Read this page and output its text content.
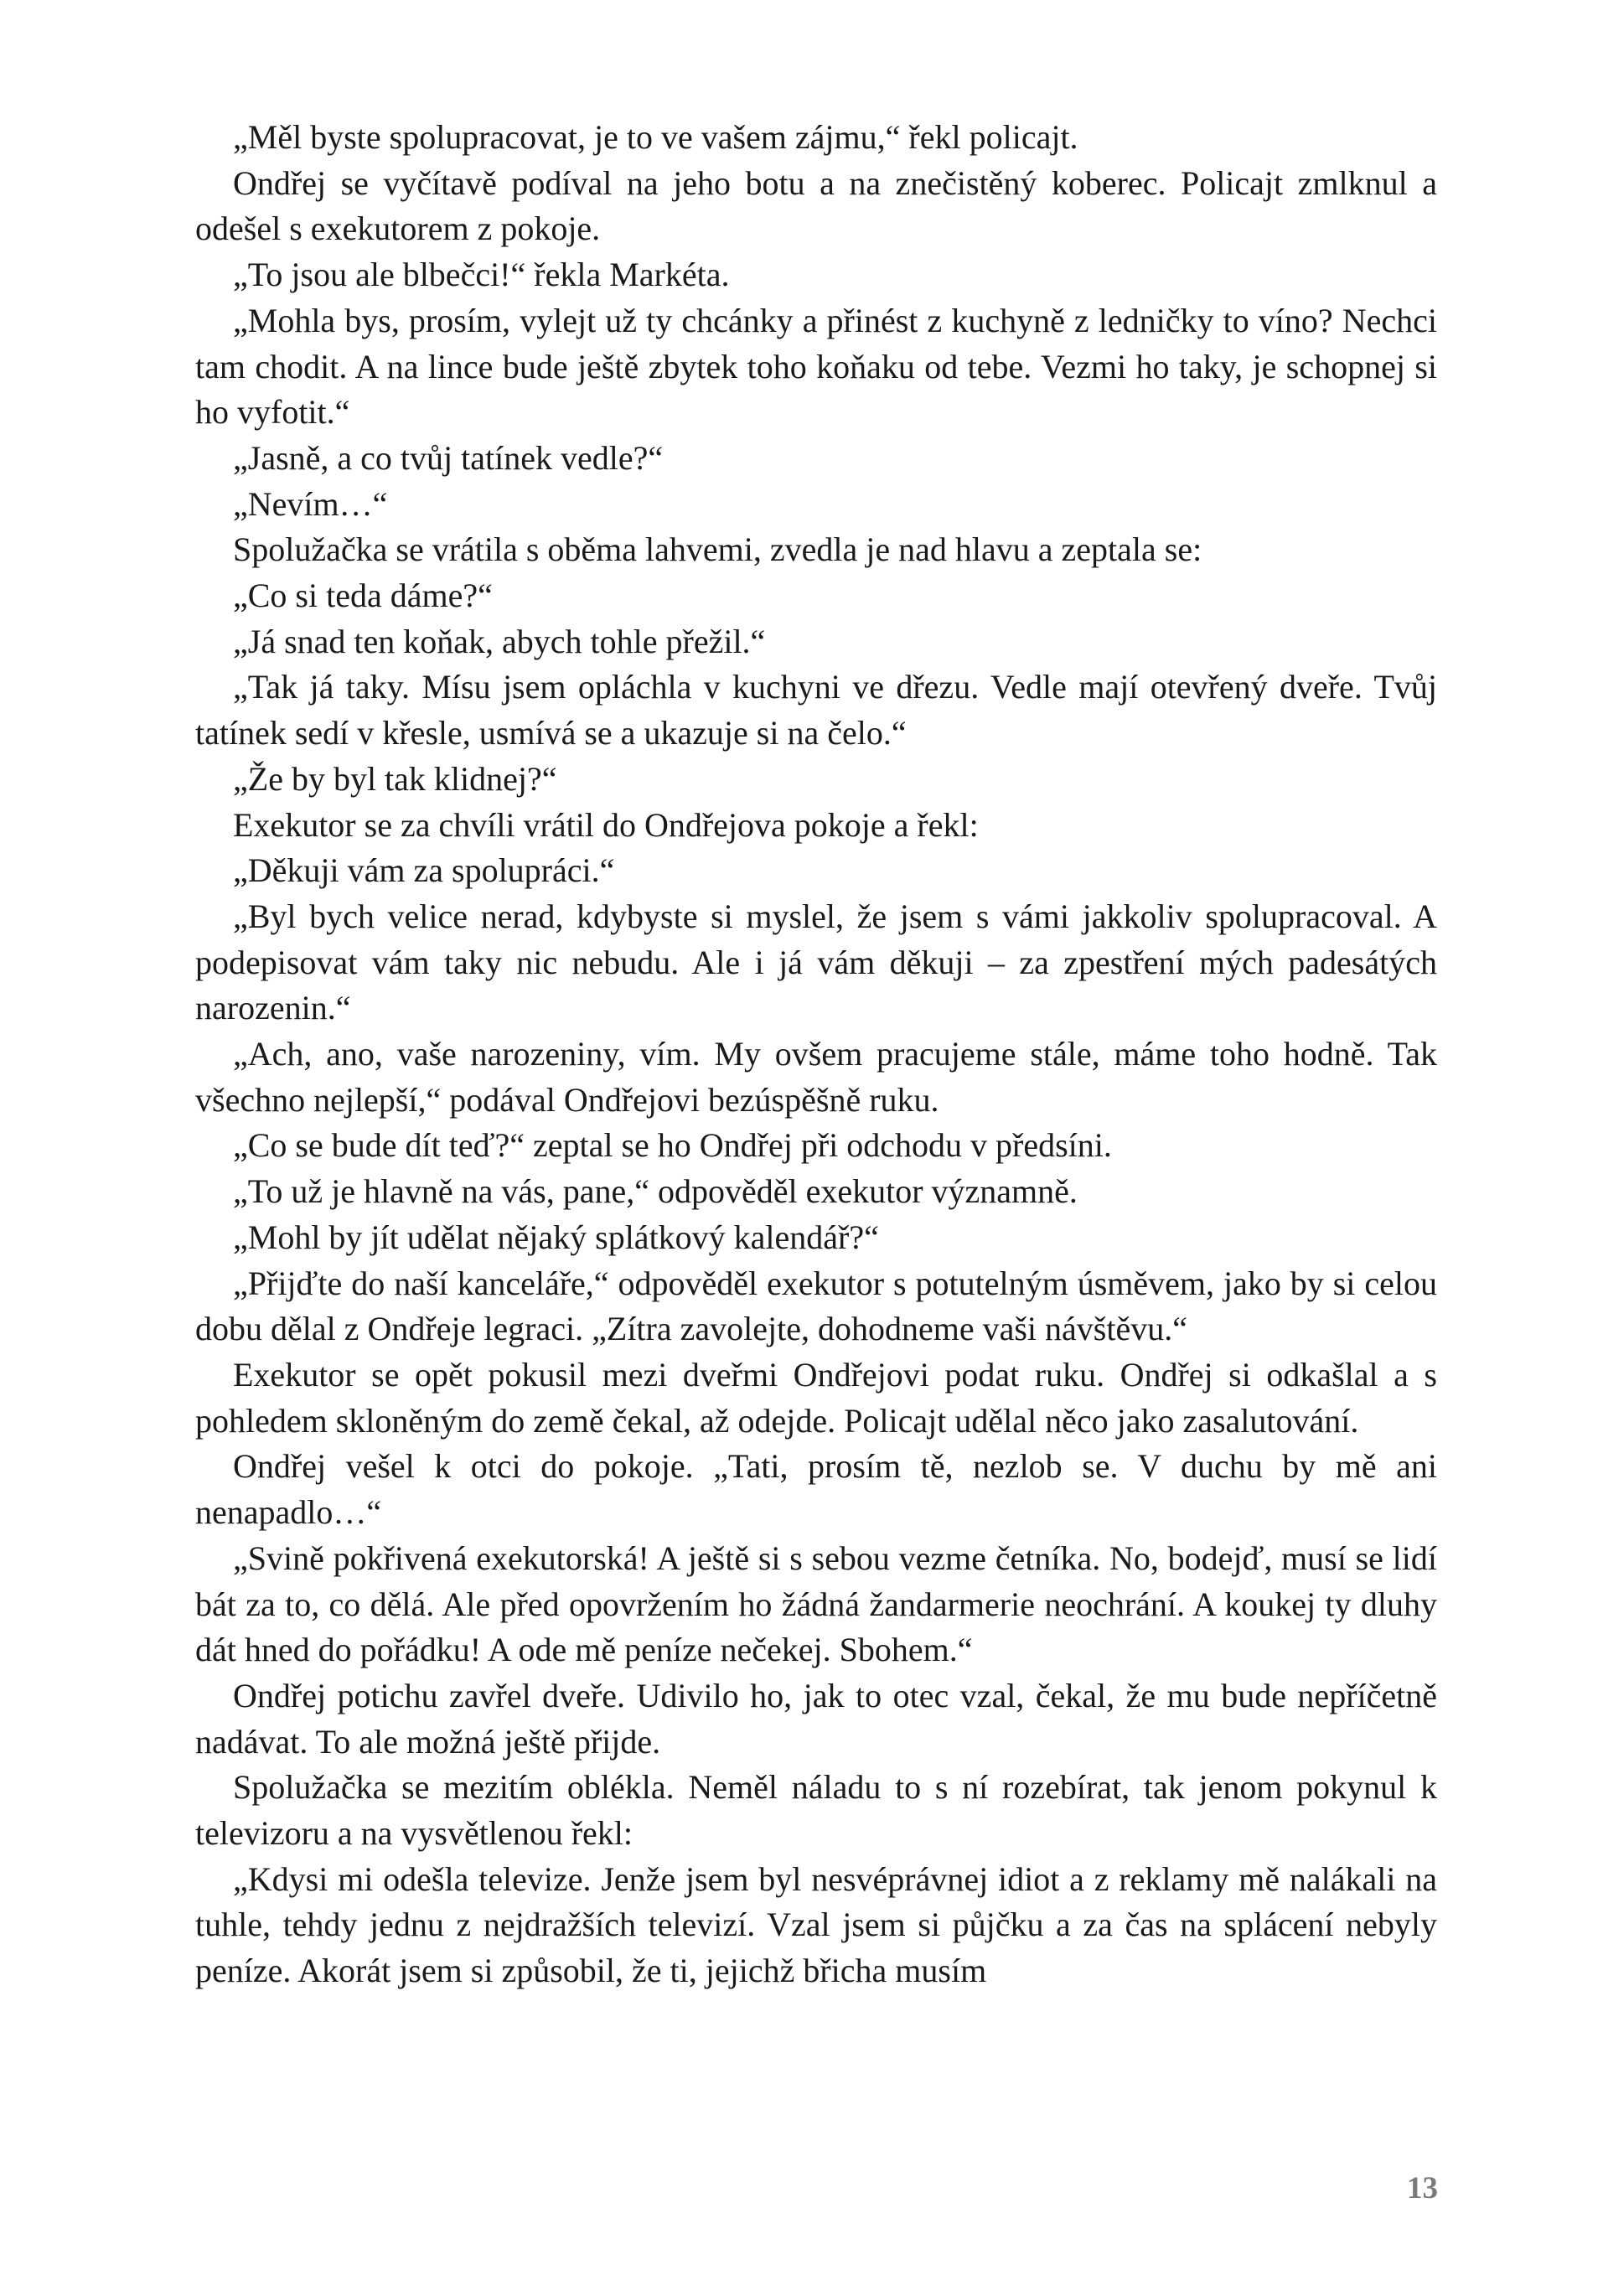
„Měl byste spolupracovat, je to ve vašem zájmu,“ řekl policajt.

Ondřej se vyčítavě podíval na jeho botu a na znečistěný koberec. Policajt zmlknul a odešel s exekutorem z pokoje.

„To jsou ale blbečci!“ řekla Markéta.

„Mohla bys, prosím, vylejt už ty chcánky a přinést z kuchyně z ledničky to víno? Nechci tam chodit. A na lince bude ještě zbytek toho koňaku od tebe. Vezmi ho taky, je schopnej si ho vyfotit.“

„Jasně, a co tvůj tatínek vedle?“

„Nevím…“

Spolužačka se vrátila s oběma lahvemi, zvedla je nad hlavu a zeptala se:

„Co si teda dáme?“

„Já snad ten koňak, abych tohle přežil.“

„Tak já taky. Mísu jsem opláchla v kuchyni ve dřezu. Vedle mají otevřený dveře. Tvůj tatínek sedí v křesle, usmívá se a ukazuje si na čelo.“

„Že by byl tak klidnej?“

Exekutor se za chvíli vrátil do Ondřejova pokoje a řekl:

„Děkuji vám za spolupráci.“

„Byl bych velice nerad, kdybyste si myslel, že jsem s vámi jakkoliv spolupracoval. A podepisovat vám taky nic nebudu. Ale i já vám děkuji – za zpestření mých padesátých narozenin.“

„Ach, ano, vaše narozeniny, vím. My ovšem pracujeme stále, máme toho hodně. Tak všechno nejlepší,“ podával Ondřejovi bezúspěšně ruku.

„Co se bude dít teď?“ zeptal se ho Ondřej při odchodu v předsíni.

„To už je hlavně na vás, pane,“ odpověděl exekutor významně.

„Mohl by jít udělat nějaký splátkový kalendář?“

„Přijďte do naší kanceláře,“ odpověděl exekutor s potutelným úsměvem, jako by si celou dobu dělal z Ondřeje legraci. „Zítra zavolejte, dohodneme vaši návštěvu.“

Exekutor se opět pokusil mezi dveřmi Ondřejovi podat ruku. Ondřej si odkašlal a s pohledem skloněným do země čekal, až odejde. Policajt udělal něco jako zasalutování.

Ondřej vešel k otci do pokoje. „Tati, prosím tě, nezlob se. V duchu by mě ani nenapadlo…“

„Svině pokřivená exekutorská! A ještě si s sebou vezme četníka. No, bodejď, musí se lidí bát za to, co dělá. Ale před opovržením ho žádná žandarmerie neochrání. A koukej ty dluhy dát hned do pořádku! A ode mě peníze nečekej. Sbohem.“

Ondřej potichu zavřel dveře. Udivilo ho, jak to otec vzal, čekal, že mu bude nepříčetně nadávat. To ale možná ještě přijde.

Spolužačka se mezitím oblékla. Neměl náladu to s ní rozebírat, tak jenom pokynul k televizoru a na vysvětlenou řekl:

„Kdysi mi odešla televize. Jenže jsem byl nesvéprávnej idiot a z reklamy mě nalákali na tuhle, tehdy jednu z nejdražších televizí. Vzal jsem si půjčku a za čas na splácení nebyly peníze. Akorát jsem si způsobil, že ti, jejichž břicha musím

13
